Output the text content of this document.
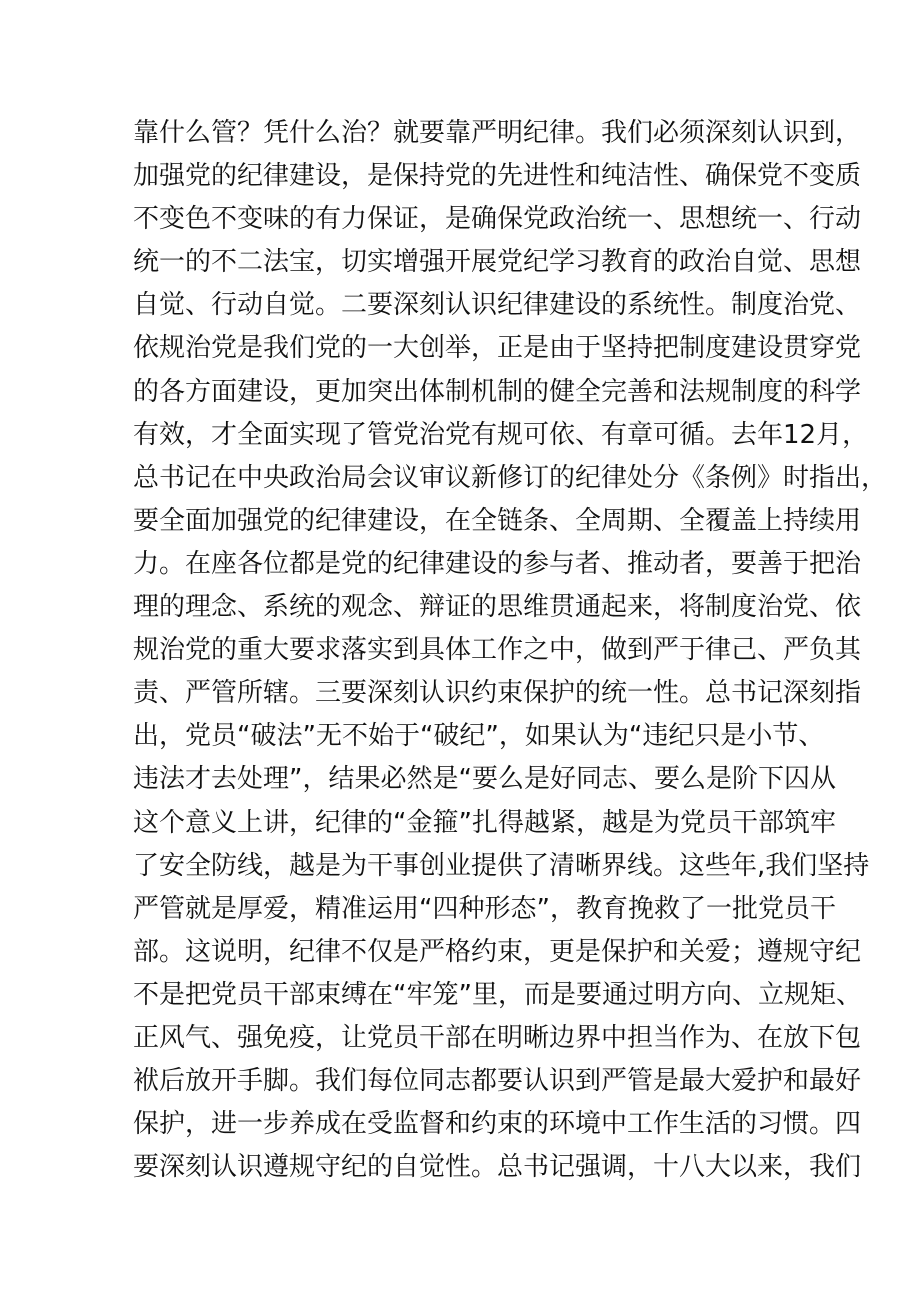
靠什么管？凭什么治？就要靠严明纪律。我们必须深刻认识到，
加强党的纪律建设，是保持党的先进性和纯洁性、确保党不变质
不变色不变味的有力保证，是确保党政治统一、思想统一、行动
统一的不二法宝，切实增强开展党纪学习教育的政治自觉、思想
自觉、行动自觉。二要深刻认识纪律建设的系统性。制度治党、
依规治党是我们党的一大创举，正是由于坚持把制度建设贯穿党
的各方面建设，更加突出体制机制的健全完善和法规制度的科学
有效，才全面实现了管党治党有规可依、有章可循。去年12月，
总书记在中央政治局会议审议新修订的纪律处分《条例》时指出，
要全面加强党的纪律建设，在全链条、全周期、全覆盖上持续用
力。在座各位都是党的纪律建设的参与者、推动者，要善于把治
理的理念、系统的观念、辩证的思维贯通起来，将制度治党、依
规治党的重大要求落实到具体工作之中，做到严于律己、严负其
责、严管所辖。三要深刻认识约束保护的统一性。总书记深刻指
出，党员“破法”无不始于“破纪”，如果认为“违纪只是小节、
违法才去处理”，结果必然是“要么是好同志、要么是阶下囚从
这个意义上讲，纪律的“金箍”扎得越紧，越是为党员干部筑牢
了安全防线，越是为干事创业提供了清晰界线。这些年,我们坚持
严管就是厚爱，精准运用“四种形态”，教育挽救了一批党员干
部。这说明，纪律不仅是严格约束，更是保护和关爱；遵规守纪
不是把党员干部束缚在“牢笼”里，而是要通过明方向、立规矩、
正风气、强免疫，让党员干部在明晰边界中担当作为、在放下包
袱后放开手脚。我们每位同志都要认识到严管是最大爱护和最好
保护，进一步养成在受监督和约束的环境中工作生活的习惯。四
要深刻认识遵规守纪的自觉性。总书记强调，十八大以来，我们
